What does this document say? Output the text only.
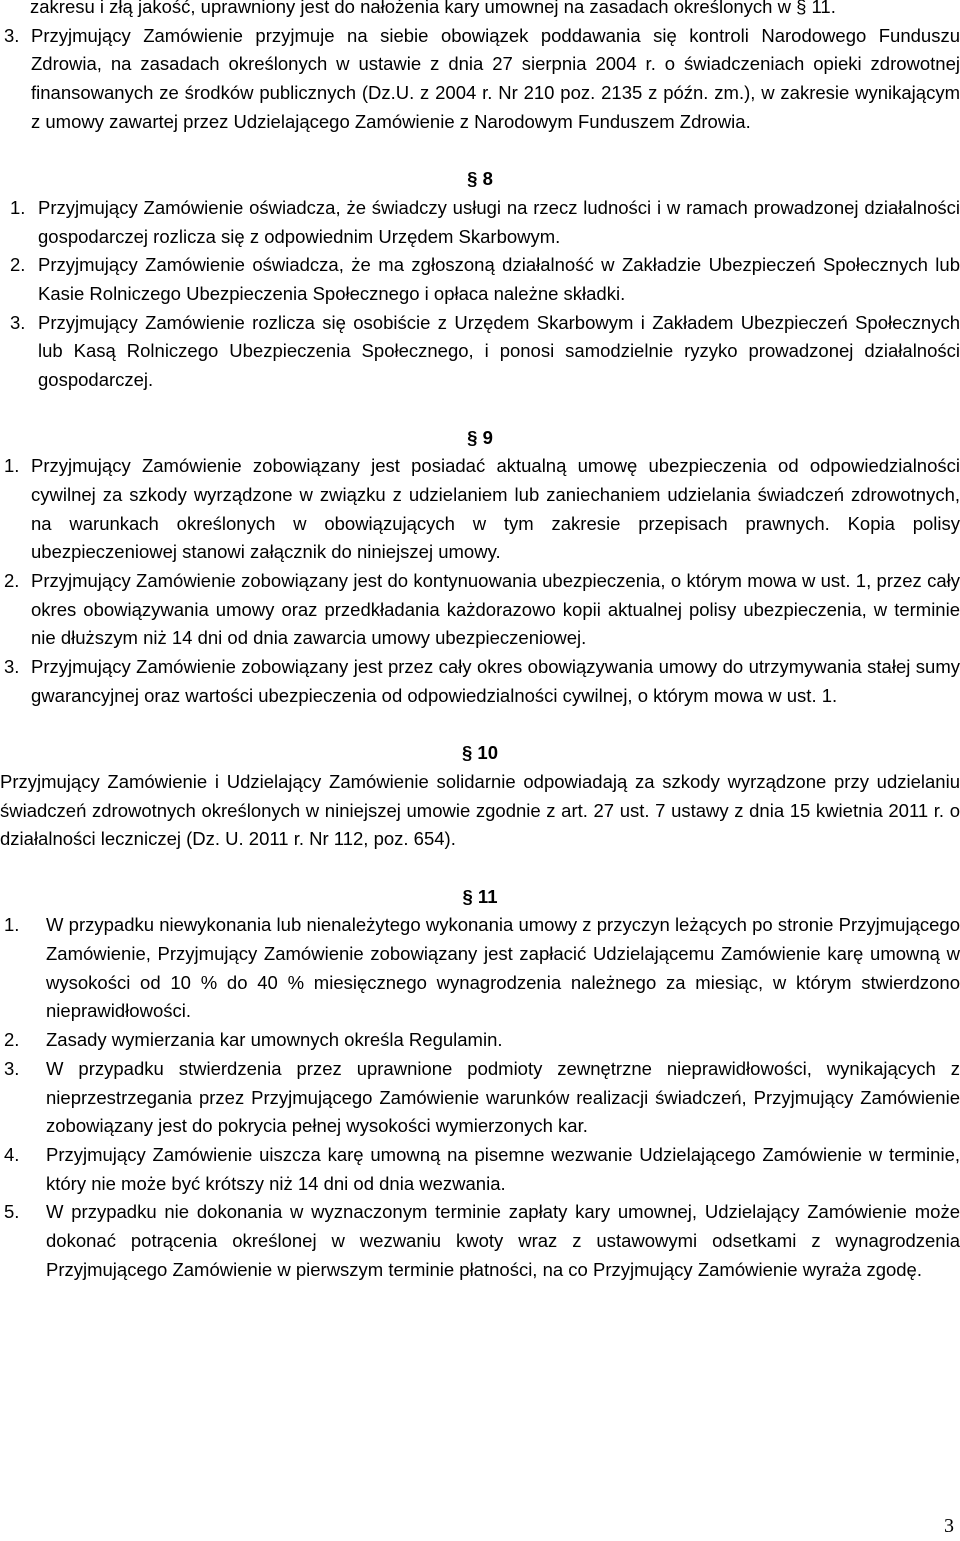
zakresu i złą jakość, uprawniony jest do nałożenia kary umownej na zasadach określonych w § 11.

3. Przyjmujący Zamówienie przyjmuje na siebie obowiązek poddawania się kontroli Narodowego Funduszu Zdrowia, na zasadach określonych w ustawie z dnia 27 sierpnia 2004 r. o świadczeniach opieki zdrowotnej finansowanych ze środków publicznych (Dz.U. z 2004 r. Nr 210 poz. 2135 z późn. zm.), w zakresie wynikającym z umowy zawartej przez Udzielającego Zamówienie z Narodowym Funduszem Zdrowia.
§ 8
1. Przyjmujący Zamówienie oświadcza, że świadczy usługi na rzecz ludności i w ramach prowadzonej działalności gospodarczej rozlicza się z odpowiednim Urzędem Skarbowym.
2. Przyjmujący Zamówienie oświadcza, że ma zgłoszoną działalność w Zakładzie Ubezpieczeń Społecznych lub Kasie Rolniczego Ubezpieczenia Społecznego i opłaca należne składki.
3. Przyjmujący Zamówienie rozlicza się osobiście z Urzędem Skarbowym i Zakładem Ubezpieczeń Społecznych lub Kasą Rolniczego Ubezpieczenia Społecznego, i ponosi samodzielnie ryzyko prowadzonej działalności gospodarczej.
§ 9
1. Przyjmujący Zamówienie zobowiązany jest posiadać aktualną umowę ubezpieczenia od odpowiedzialności cywilnej za szkody wyrządzone w związku z udzielaniem lub zaniechaniem udzielania świadczeń zdrowotnych, na warunkach określonych w obowiązujących w tym zakresie przepisach prawnych. Kopia polisy ubezpieczeniowej stanowi załącznik do niniejszej umowy.
2. Przyjmujący Zamówienie zobowiązany jest do kontynuowania ubezpieczenia, o którym mowa w ust. 1, przez cały okres obowiązywania umowy oraz przedkładania każdorazowo kopii aktualnej polisy ubezpieczenia, w terminie nie dłuższym niż 14 dni od dnia zawarcia umowy ubezpieczeniowej.
3. Przyjmujący Zamówienie zobowiązany jest przez cały okres obowiązywania umowy do utrzymywania stałej sumy gwarancyjnej oraz wartości ubezpieczenia od odpowiedzialności cywilnej, o którym mowa w ust. 1.
§ 10

Przyjmujący Zamówienie i Udzielający Zamówienie solidarnie odpowiadają za szkody wyrządzone przy udzielaniu świadczeń zdrowotnych określonych w niniejszej umowie zgodnie z art. 27 ust. 7 ustawy z dnia 15 kwietnia 2011 r. o działalności leczniczej (Dz. U. 2011 r. Nr 112, poz. 654).

§ 11
1. W przypadku niewykonania lub nienależytego wykonania umowy z przyczyn leżących po stronie Przyjmującego Zamówienie, Przyjmujący Zamówienie zobowiązany jest zapłacić Udzielającemu Zamówienie karę umowną w wysokości od 10 % do 40 % miesięcznego wynagrodzenia należnego za miesiąc, w którym stwierdzono nieprawidłowości.
2. Zasady wymierzania kar umownych określa Regulamin.
3. W przypadku stwierdzenia przez uprawnione podmioty zewnętrzne nieprawidłowości, wynikających z nieprzestrzegania przez Przyjmującego Zamówienie warunków realizacji świadczeń, Przyjmujący Zamówienie zobowiązany jest do pokrycia pełnej wysokości wymierzonych kar.
4. Przyjmujący Zamówienie uiszcza karę umowną na pisemne wezwanie Udzielającego Zamówienie w terminie, który nie może być krótszy niż 14 dni od dnia wezwania.
5. W przypadku nie dokonania w wyznaczonym terminie zapłaty kary umownej, Udzielający Zamówienie może dokonać potrącenia określonej w wezwaniu kwoty wraz z ustawowymi odsetkami z wynagrodzenia Przyjmującego Zamówienie w pierwszym terminie płatności, na co Przyjmujący Zamówienie wyraża zgodę.
3
